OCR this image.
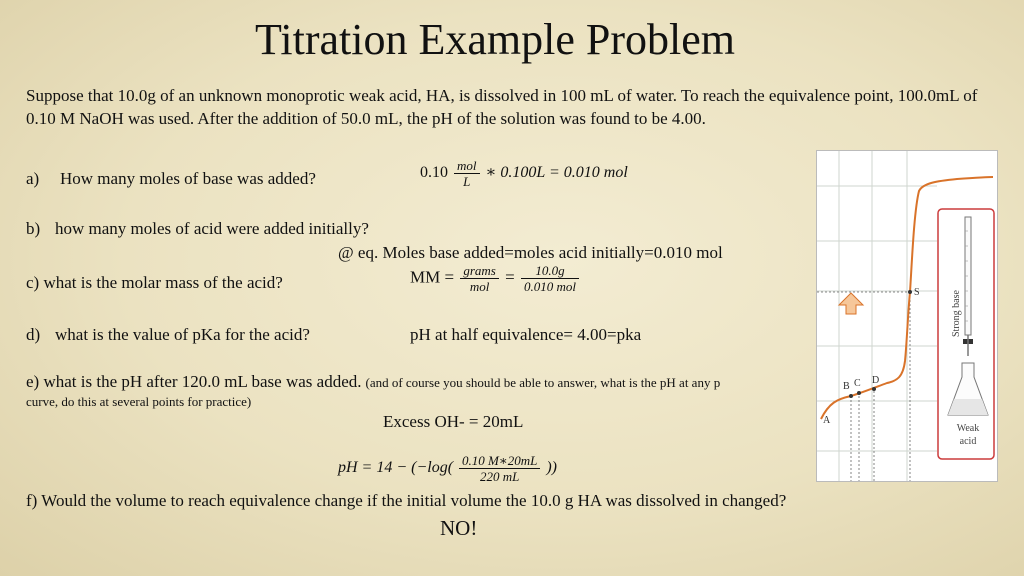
Titration Example Problem
Suppose that 10.0g of an unknown monoprotic weak acid, HA, is dissolved in 100 mL of water. To reach the equivalence point, 100.0mL of 0.10 M NaOH was used. After the addition of 50.0 mL, the pH of the solution was found to be 4.00.
a) How many moles of base was added?	$0.10 \frac{\text{mol}}{L}$ ∗ 0.100L = 0.010 mol
b) how many moles of acid were added initially?
@ eq. Moles base added=moles acid initially=0.010 mol
c) what is the molar mass of the acid?	MM = $\frac{\text{grams}}{\text{mol}} = \frac{10.0g}{\text{0.010 mol}}$
d) what is the value of pKa for the acid?	pH at half equivalence= 4.00=pka
e) what is the pH after 120.0 mL base was added. (and of course you should be able to answer, what is the pH at any p
curve, do this at several points for practice)
Excess OH- = 20mL
pH = $14 - (-\log( \frac{0.10 M∗20mL}{220 mL}$ ))
f) Would the volume to reach equivalence change if the initial volume the 10.0 g HA was dissolved in changed?
NO!
A
B C D
S	Strong base
Weak
acid
